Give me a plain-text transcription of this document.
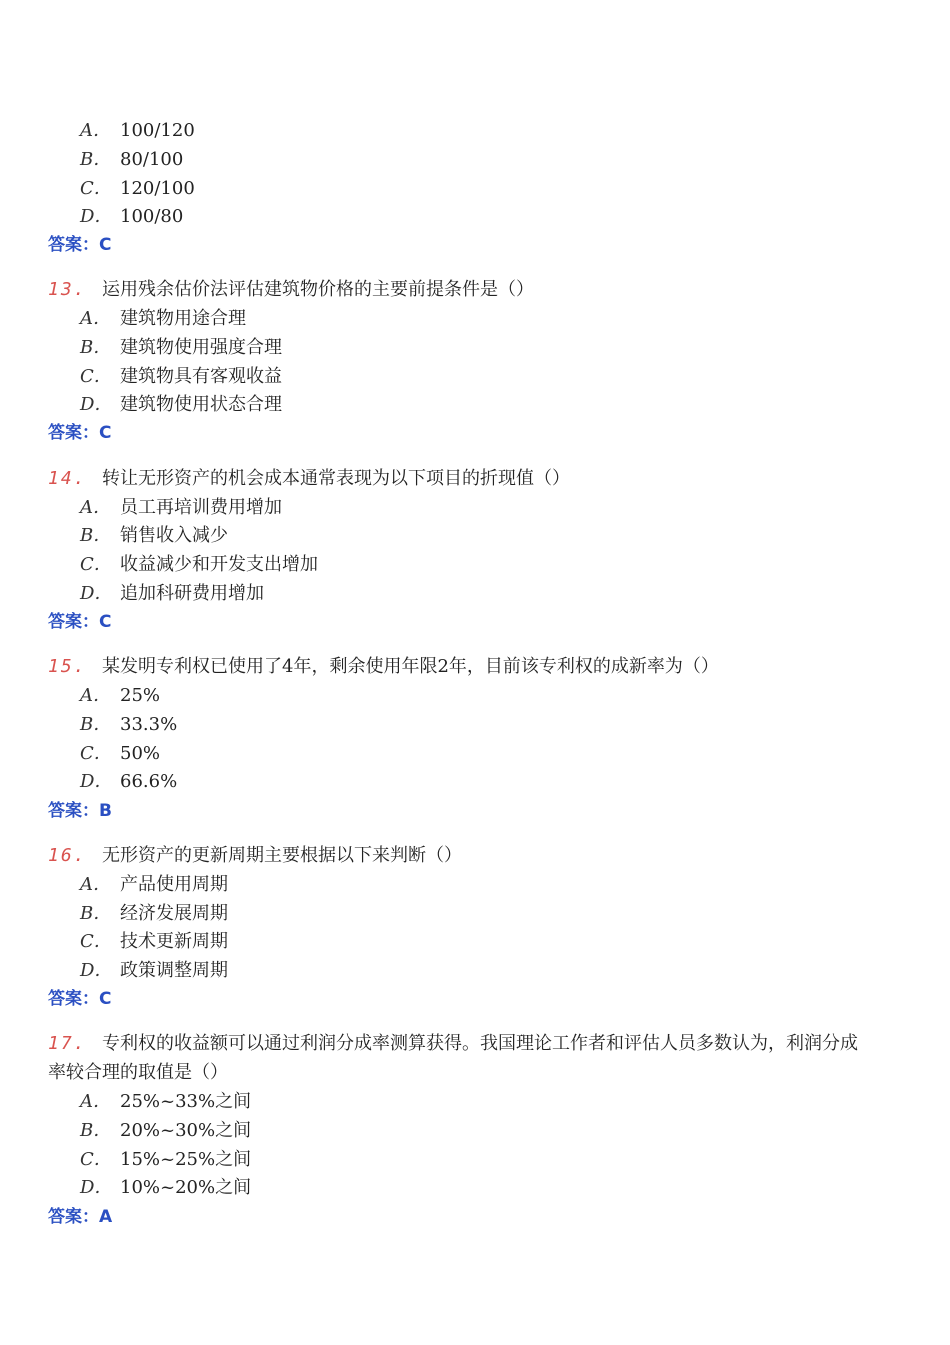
A． 100/120
B． 80/100
C． 120/100
D． 100/80
答案：C
13. 运用残余估价法评估建筑物价格的主要前提条件是（）
A． 建筑物用途合理
B． 建筑物使用强度合理
C． 建筑物具有客观收益
D． 建筑物使用状态合理
答案：C
14. 转让无形资产的机会成本通常表现为以下项目的折现值（）
A． 员工再培训费用增加
B． 销售收入减少
C． 收益减少和开发支出增加
D． 追加科研费用增加
答案：C
15. 某发明专利权已使用了4年，剩余使用年限2年，目前该专利权的成新率为（）
A． 25%
B． 33.3%
C． 50%
D． 66.6%
答案：B
16. 无形资产的更新周期主要根据以下来判断（）
A． 产品使用周期
B． 经济发展周期
C． 技术更新周期
D． 政策调整周期
答案：C
17. 专利权的收益额可以通过利润分成率测算获得。我国理论工作者和评估人员多数认为，利润分成率较合理的取值是（）
A． 25%~33%之间
B． 20%~30%之间
C． 15%~25%之间
D． 10%~20%之间
答案：A
